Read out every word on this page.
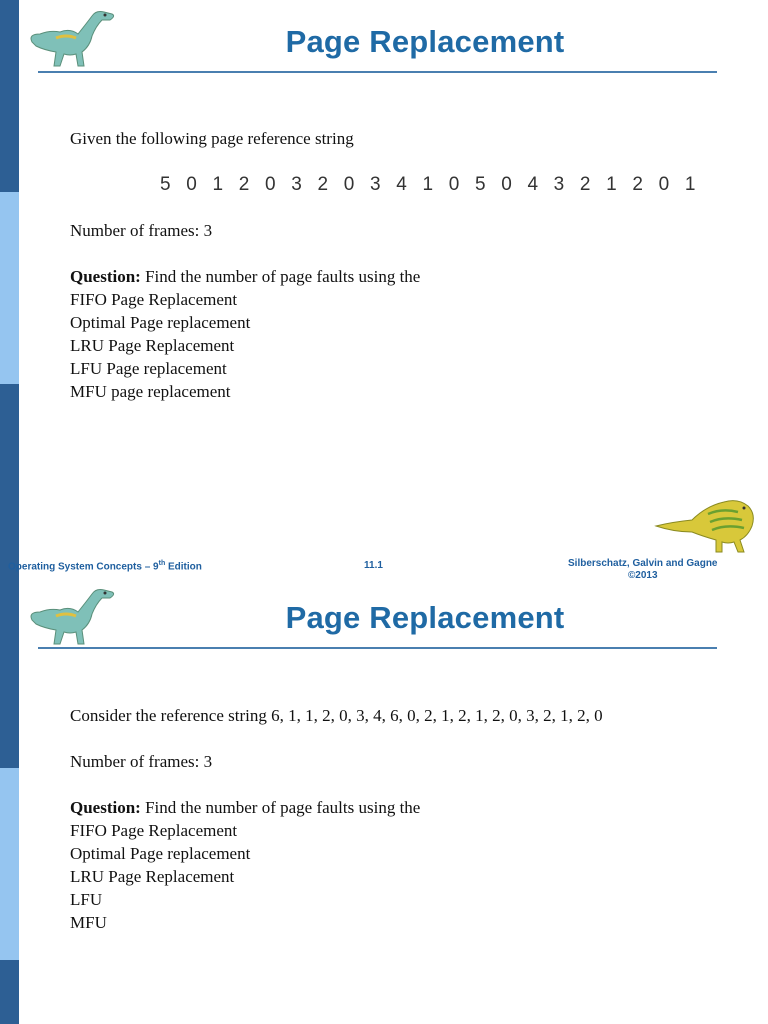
Page Replacement
Given the following page reference string
5 0 1 2 0 3 2 0 3 4 1 0 5 0 4 3 2 1 2 0 1
Number of frames: 3
Question: Find the number of page faults using the
FIFO Page Replacement
Optimal Page replacement
LRU Page Replacement
LFU Page replacement
MFU page replacement
Operating System Concepts – 9th Edition	11.1	Silberschatz, Galvin and Gagne
©2013
Page Replacement
Consider the reference string 6, 1, 1, 2, 0, 3, 4, 6, 0, 2, 1, 2, 1, 2, 0, 3, 2, 1, 2, 0
Number of frames: 3
Question: Find the number of page faults using the
FIFO Page Replacement
Optimal Page replacement
LRU Page Replacement
LFU
MFU
